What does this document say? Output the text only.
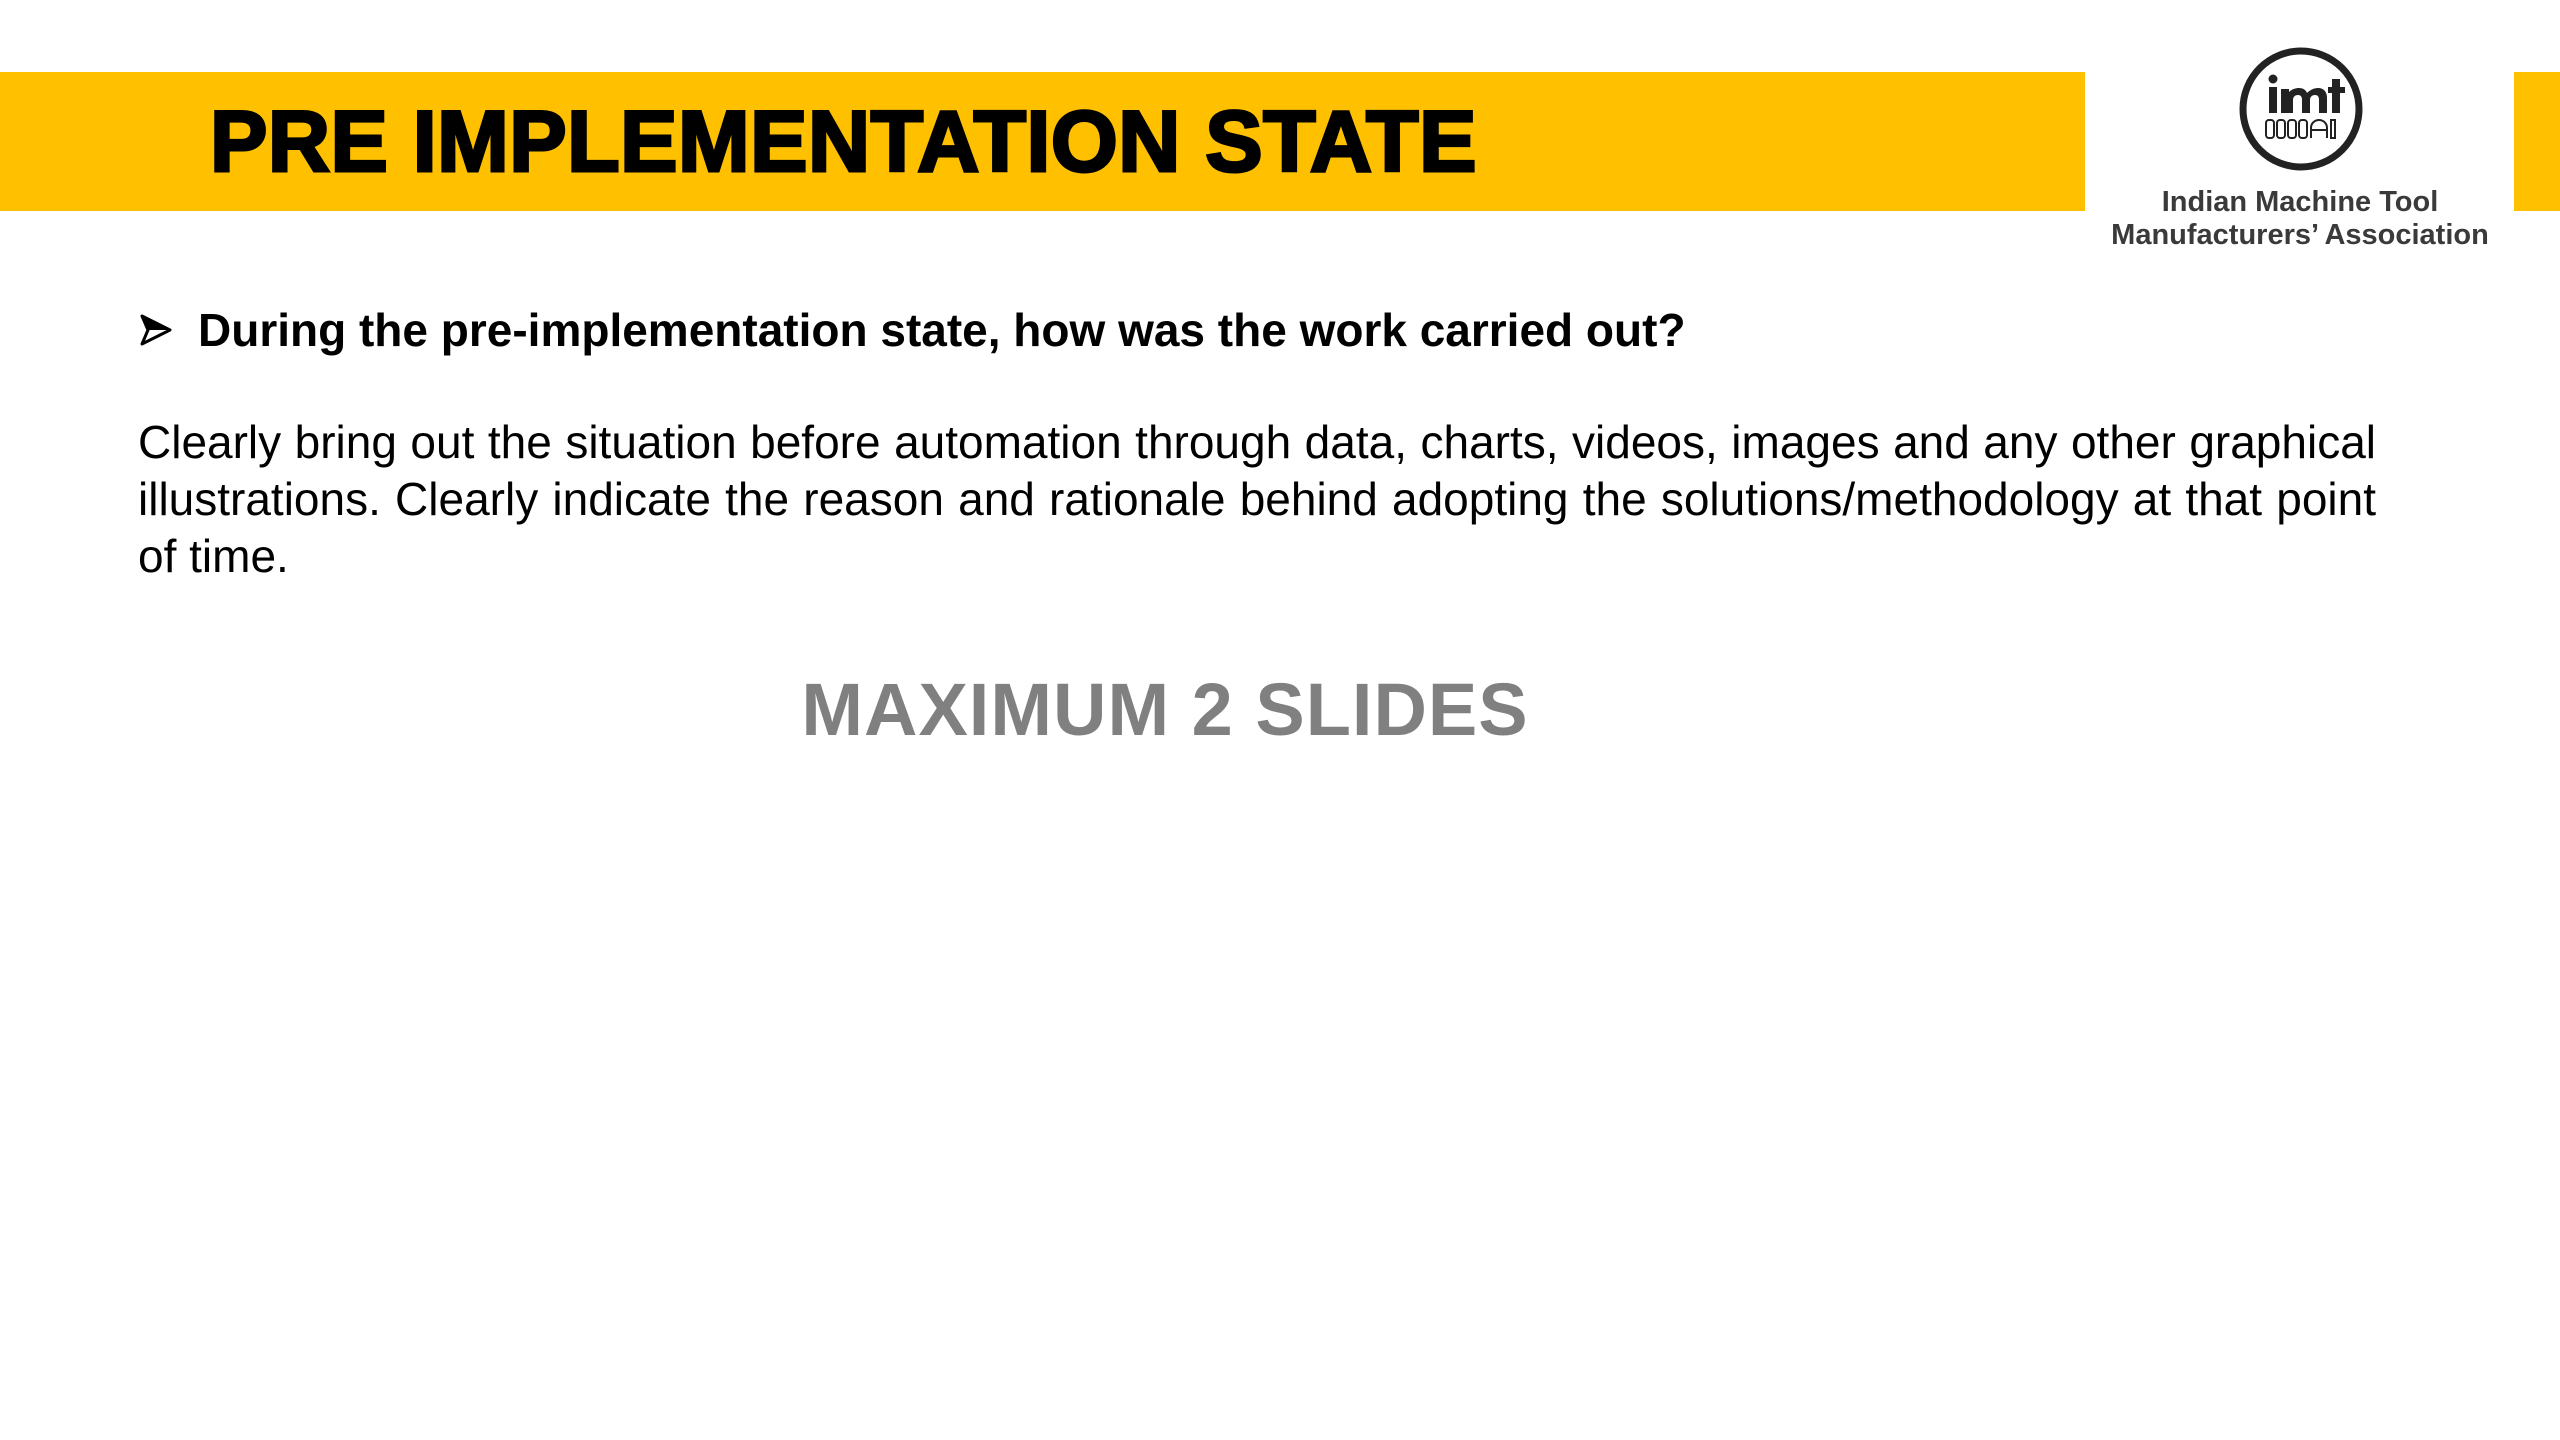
PRE IMPLEMENTATION STATE
Indian Machine Tool
Manufacturers’ Association
During the pre-implementation state, how was the work carried out?

Clearly bring out the situation before automation through data, charts, videos, images and any other graphical illustrations. Clearly indicate the reason and rationale behind adopting the solutions/methodology at that point of time.

MAXIMUM 2 SLIDES
